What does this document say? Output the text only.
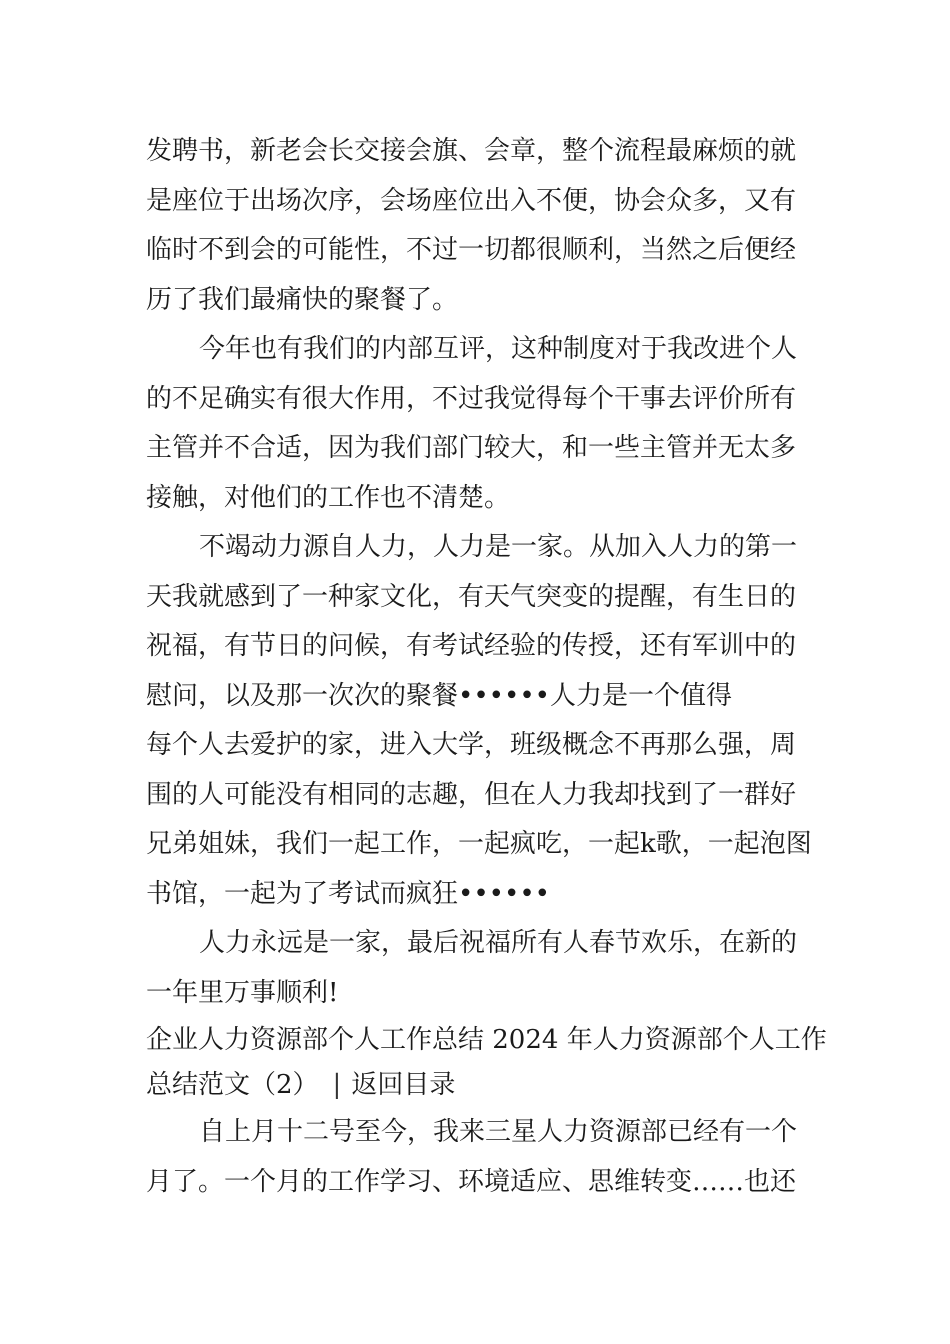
发聘书，新老会长交接会旗、会章，整个流程最麻烦的就
是座位于出场次序，会场座位出入不便，协会众多，又有
临时不到会的可能性，不过一切都很顺利，当然之后便经
历了我们最痛快的聚餐了。
今年也有我们的内部互评，这种制度对于我改进个人
的不足确实有很大作用，不过我觉得每个干事去评价所有
主管并不合适，因为我们部门较大，和一些主管并无太多
接触，对他们的工作也不清楚。
不竭动力源自人力，人力是一家。从加入人力的第一
天我就感到了一种家文化，有天气突变的提醒，有生日的
祝福，有节日的问候，有考试经验的传授，还有军训中的
慰问，以及那一次次的聚餐••••••人力是一个值得
每个人去爱护的家，进入大学，班级概念不再那么强，周
围的人可能没有相同的志趣，但在人力我却找到了一群好
兄弟姐妹，我们一起工作，一起疯吃，一起k歌，一起泡图
书馆，一起为了考试而疯狂••••••
人力永远是一家，最后祝福所有人春节欢乐，在新的
一年里万事顺利!
企业人力资源部个人工作总结 2024 年人力资源部个人工作
总结范文（2） | 返回目录
自上月十二号至今，我来三星人力资源部已经有一个
月了。一个月的工作学习、环境适应、思维转变……也还
